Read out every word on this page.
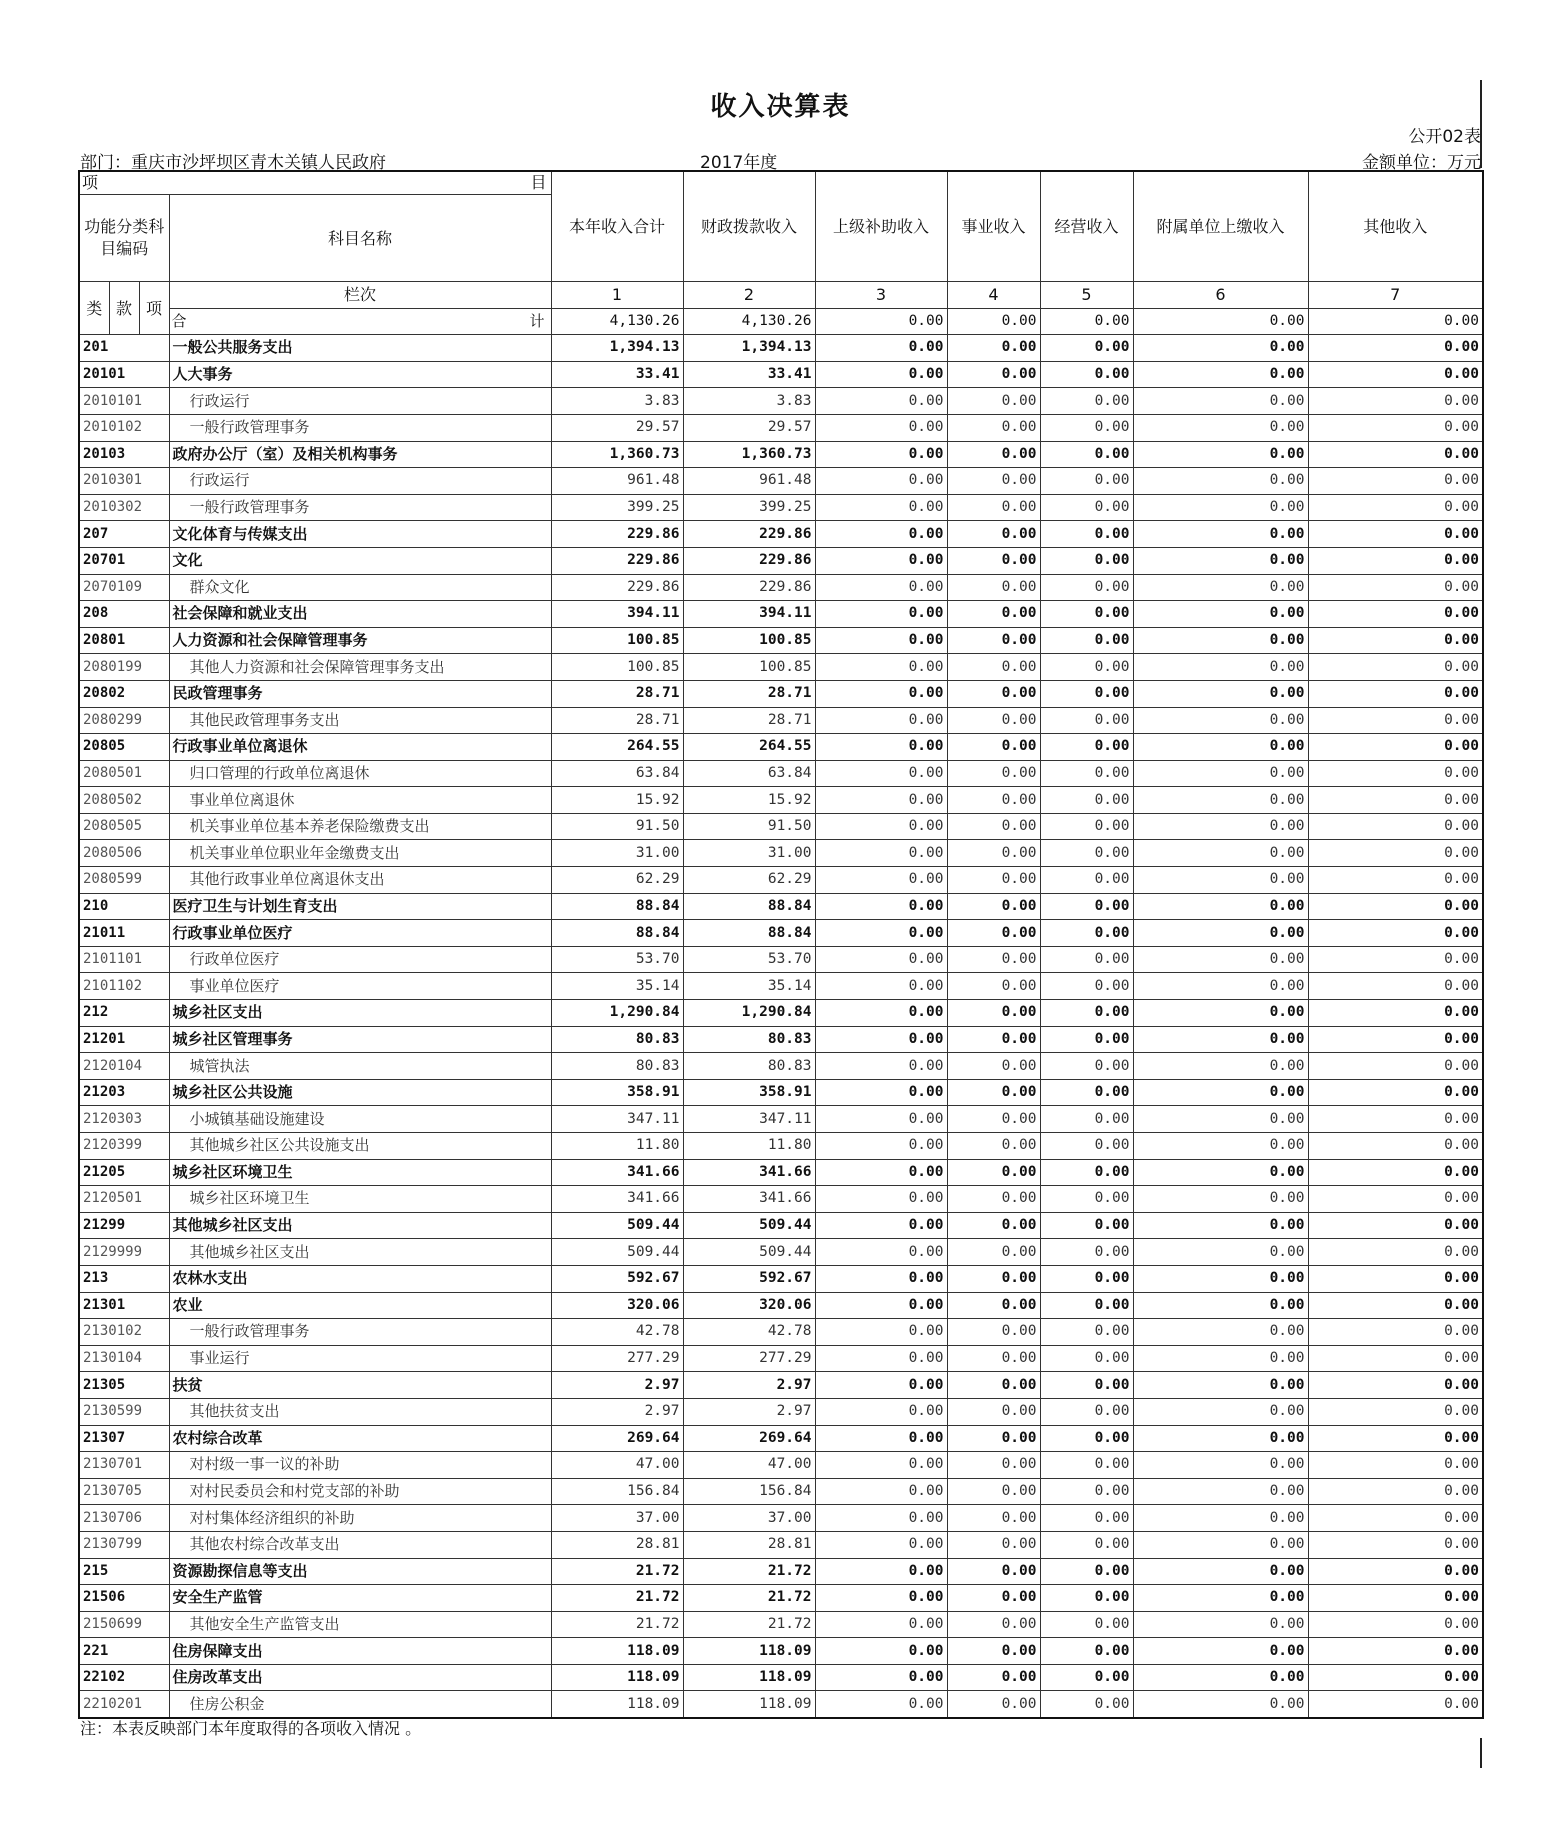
收入决算表
公开02表
部门：重庆市沙坪坝区青木关镇人民政府	2017年度	金额单位：万元
项 目				本年收入合计	财政拨款收入	上级补助收入	事业收入	经营收入	附属单位上缴收入	其他收入
功能分类科目编码			科目名称							
类	款	项	栏次	1	2	3	4	5	6	7

			合 计	4,130.26	4,130.26	0.00	0.00	0.00	0.00	0.00
201			一般公共服务支出	1,394.13	1,394.13	0.00	0.00	0.00	0.00	0.00
20101			人大事务	33.41	33.41	0.00	0.00	0.00	0.00	0.00
2010101			行政运行	3.83	3.83	0.00	0.00	0.00	0.00	0.00
2010102			一般行政管理事务	29.57	29.57	0.00	0.00	0.00	0.00	0.00
20103			政府办公厅（室）及相关机构事务	1,360.73	1,360.73	0.00	0.00	0.00	0.00	0.00
2010301			行政运行	961.48	961.48	0.00	0.00	0.00	0.00	0.00
2010302			一般行政管理事务	399.25	399.25	0.00	0.00	0.00	0.00	0.00
207			文化体育与传媒支出	229.86	229.86	0.00	0.00	0.00	0.00	0.00
20701			文化	229.86	229.86	0.00	0.00	0.00	0.00	0.00
2070109			群众文化	229.86	229.86	0.00	0.00	0.00	0.00	0.00
208			社会保障和就业支出	394.11	394.11	0.00	0.00	0.00	0.00	0.00
20801			人力资源和社会保障管理事务	100.85	100.85	0.00	0.00	0.00	0.00	0.00
2080199			其他人力资源和社会保障管理事务支出	100.85	100.85	0.00	0.00	0.00	0.00	0.00
20802			民政管理事务	28.71	28.71	0.00	0.00	0.00	0.00	0.00
2080299			其他民政管理事务支出	28.71	28.71	0.00	0.00	0.00	0.00	0.00
20805			行政事业单位离退休	264.55	264.55	0.00	0.00	0.00	0.00	0.00
2080501			归口管理的行政单位离退休	63.84	63.84	0.00	0.00	0.00	0.00	0.00
2080502			事业单位离退休	15.92	15.92	0.00	0.00	0.00	0.00	0.00
2080505			机关事业单位基本养老保险缴费支出	91.50	91.50	0.00	0.00	0.00	0.00	0.00
2080506			机关事业单位职业年金缴费支出	31.00	31.00	0.00	0.00	0.00	0.00	0.00
2080599			其他行政事业单位离退休支出	62.29	62.29	0.00	0.00	0.00	0.00	0.00
210			医疗卫生与计划生育支出	88.84	88.84	0.00	0.00	0.00	0.00	0.00
21011			行政事业单位医疗	88.84	88.84	0.00	0.00	0.00	0.00	0.00
2101101			行政单位医疗	53.70	53.70	0.00	0.00	0.00	0.00	0.00
2101102			事业单位医疗	35.14	35.14	0.00	0.00	0.00	0.00	0.00
212			城乡社区支出	1,290.84	1,290.84	0.00	0.00	0.00	0.00	0.00
21201			城乡社区管理事务	80.83	80.83	0.00	0.00	0.00	0.00	0.00
2120104			城管执法	80.83	80.83	0.00	0.00	0.00	0.00	0.00
21203			城乡社区公共设施	358.91	358.91	0.00	0.00	0.00	0.00	0.00
2120303			小城镇基础设施建设	347.11	347.11	0.00	0.00	0.00	0.00	0.00
2120399			其他城乡社区公共设施支出	11.80	11.80	0.00	0.00	0.00	0.00	0.00
21205			城乡社区环境卫生	341.66	341.66	0.00	0.00	0.00	0.00	0.00
2120501			城乡社区环境卫生	341.66	341.66	0.00	0.00	0.00	0.00	0.00
21299			其他城乡社区支出	509.44	509.44	0.00	0.00	0.00	0.00	0.00
2129999			其他城乡社区支出	509.44	509.44	0.00	0.00	0.00	0.00	0.00
213			农林水支出	592.67	592.67	0.00	0.00	0.00	0.00	0.00
21301			农业	320.06	320.06	0.00	0.00	0.00	0.00	0.00
2130102			一般行政管理事务	42.78	42.78	0.00	0.00	0.00	0.00	0.00
2130104			事业运行	277.29	277.29	0.00	0.00	0.00	0.00	0.00
21305			扶贫	2.97	2.97	0.00	0.00	0.00	0.00	0.00
2130599			其他扶贫支出	2.97	2.97	0.00	0.00	0.00	0.00	0.00
21307			农村综合改革	269.64	269.64	0.00	0.00	0.00	0.00	0.00
2130701			对村级一事一议的补助	47.00	47.00	0.00	0.00	0.00	0.00	0.00
2130705			对村民委员会和村党支部的补助	156.84	156.84	0.00	0.00	0.00	0.00	0.00
2130706			对村集体经济组织的补助	37.00	37.00	0.00	0.00	0.00	0.00	0.00
2130799			其他农村综合改革支出	28.81	28.81	0.00	0.00	0.00	0.00	0.00
215			资源勘探信息等支出	21.72	21.72	0.00	0.00	0.00	0.00	0.00
21506			安全生产监管	21.72	21.72	0.00	0.00	0.00	0.00	0.00
2150699			其他安全生产监管支出	21.72	21.72	0.00	0.00	0.00	0.00	0.00
221			住房保障支出	118.09	118.09	0.00	0.00	0.00	0.00	0.00
22102			住房改革支出	118.09	118.09	0.00	0.00	0.00	0.00	0.00
2210201			住房公积金	118.09	118.09	0.00	0.00	0.00	0.00	0.00
注：本表反映部门本年度取得的各项收入情况 。
